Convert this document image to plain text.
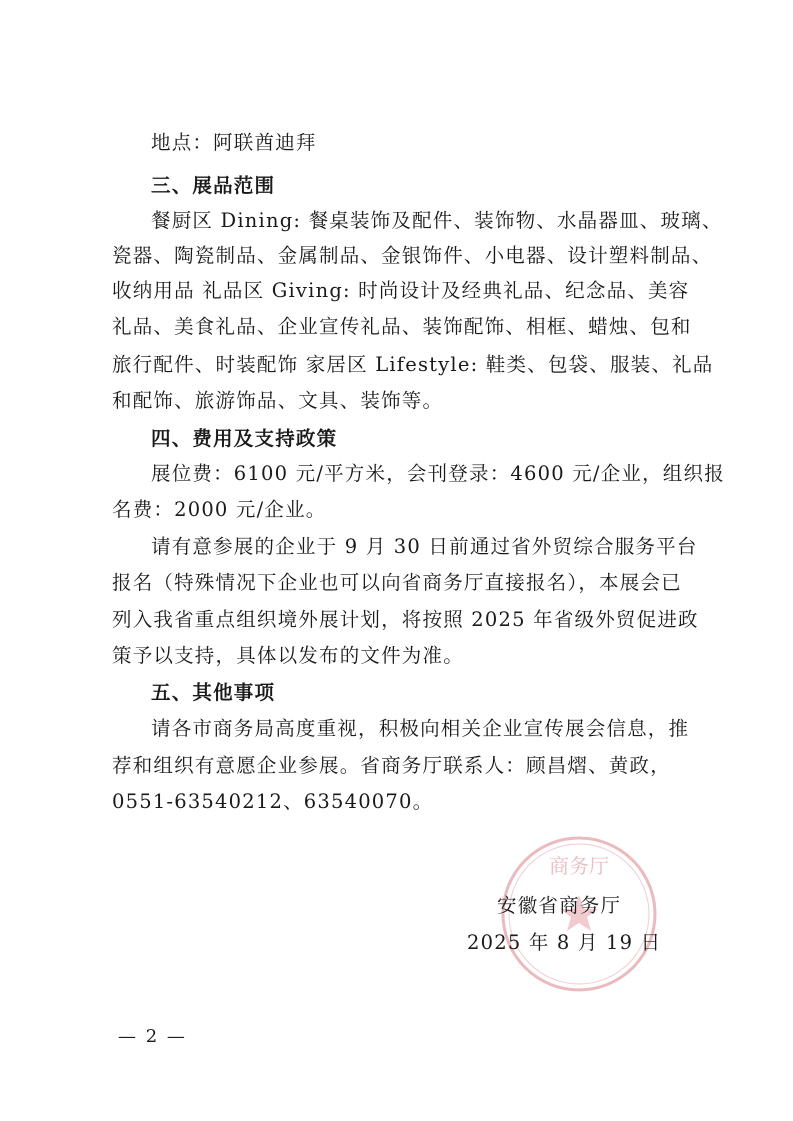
地点：阿联酋迪拜
三、展品范围
餐厨区 Dining: 餐桌装饰及配件、装饰物、水晶器皿、玻璃、
瓷器、陶瓷制品、金属制品、金银饰件、小电器、设计塑料制品、
收纳用品 礼品区 Giving: 时尚设计及经典礼品、纪念品、美容
礼品、美食礼品、企业宣传礼品、装饰配饰、相框、蜡烛、包和
旅行配件、时装配饰 家居区 Lifestyle: 鞋类、包袋、服装、礼品
和配饰、旅游饰品、文具、装饰等。
四、费用及支持政策
展位费：6100 元/平方米，会刊登录：4600 元/企业，组织报
名费：2000 元/企业。
请有意参展的企业于 9 月 30 日前通过省外贸综合服务平台
报名（特殊情况下企业也可以向省商务厅直接报名），本展会已
列入我省重点组织境外展计划，将按照 2025 年省级外贸促进政
策予以支持，具体以发布的文件为准。
五、其他事项
请各市商务局高度重视，积极向相关企业宣传展会信息，推
荐和组织有意愿企业参展。省商务厅联系人：顾昌熠、黄政，
0551-63540212、63540070。
商务厅
安徽省商务厅
2025 年 8 月 19 日
— 2 —
